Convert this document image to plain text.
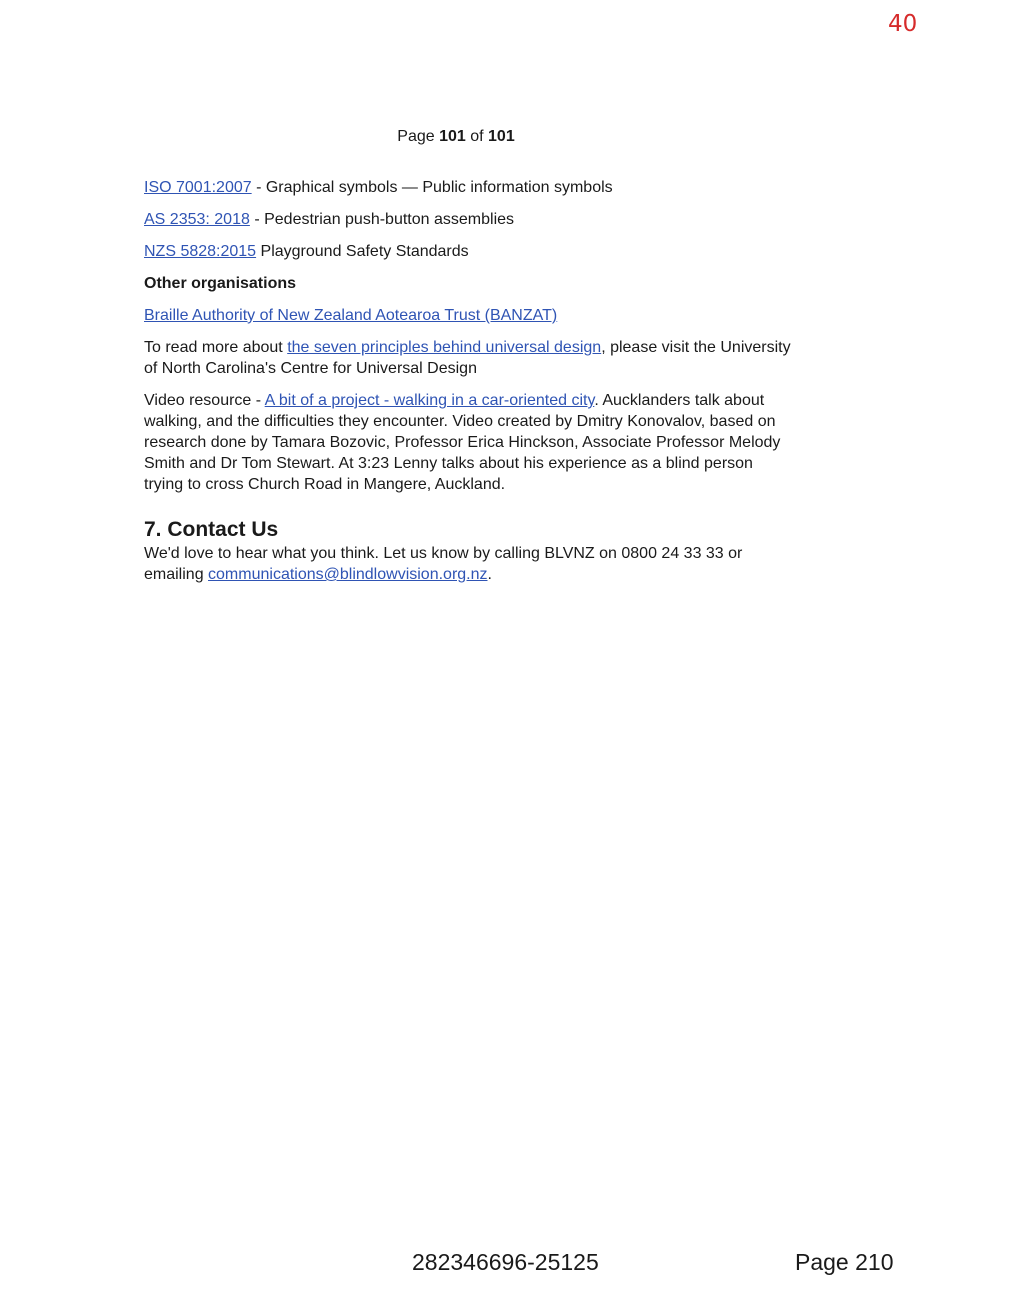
40
Page 101 of 101

ISO 7001:2007 - Graphical symbols — Public information symbols

AS 2353: 2018 - Pedestrian push-button assemblies

NZS 5828:2015 Playground Safety Standards

Other organisations

Braille Authority of New Zealand Aotearoa Trust (BANZAT)

To read more about the seven principles behind universal design, please visit the University of North Carolina's Centre for Universal Design

Video resource - A bit of a project - walking in a car-oriented city. Aucklanders talk about walking, and the difficulties they encounter. Video created by Dmitry Konovalov, based on research done by Tamara Bozovic, Professor Erica Hinckson, Associate Professor Melody Smith and Dr Tom Stewart. At 3:23 Lenny talks about his experience as a blind person trying to cross Church Road in Mangere, Auckland.

7. Contact Us

We'd love to hear what you think. Let us know by calling BLVNZ on 0800 24 33 33 or emailing communications@blindlowvision.org.nz.

282346696-25125	Page 210
